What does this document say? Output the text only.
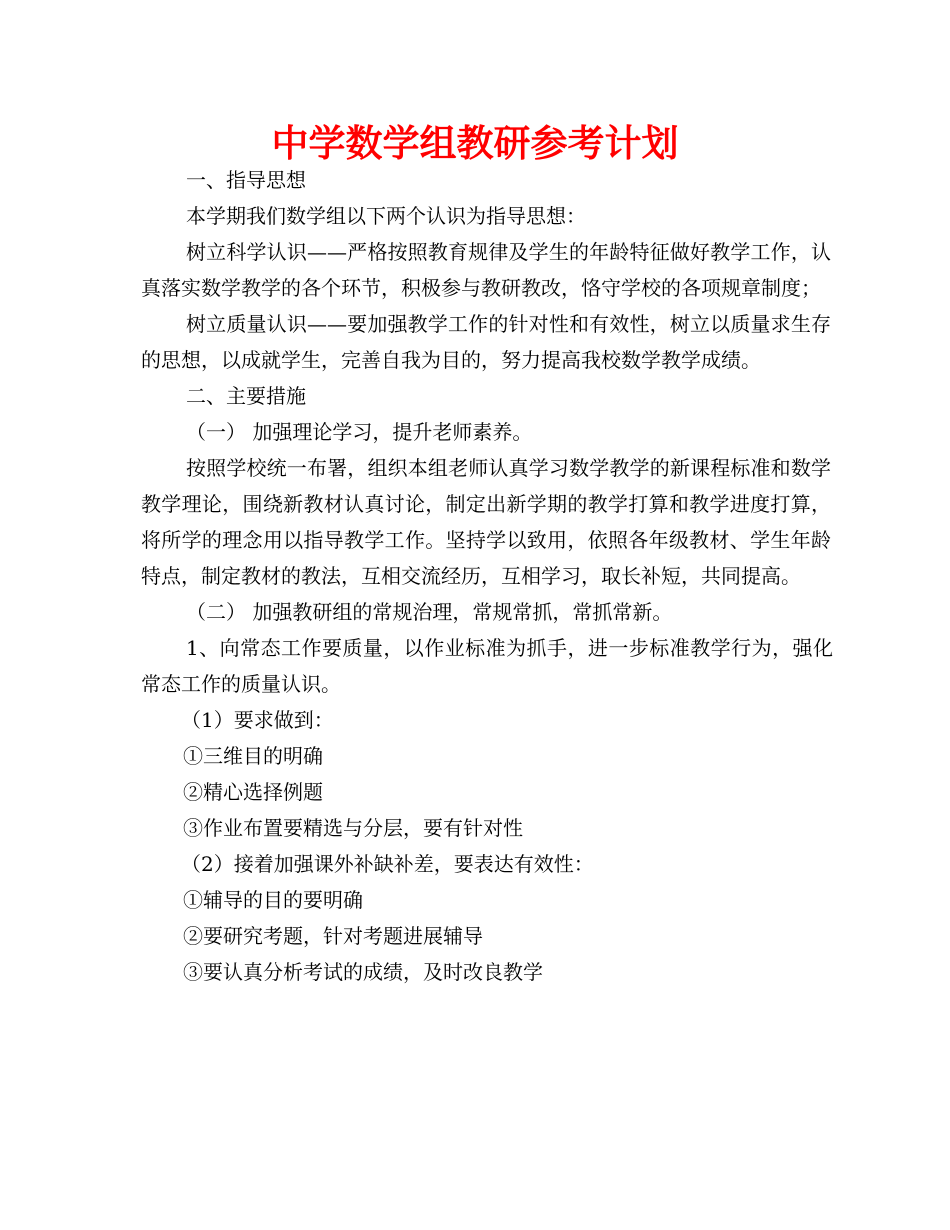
中学数学组教研参考计划

一、指导思想

本学期我们数学组以下两个认识为指导思想：

树立科学认识——严格按照教育规律及学生的年龄特征做好教学工作，认真落实数学教学的各个环节，积极参与教研教改，恪守学校的各项规章制度；

树立质量认识——要加强教学工作的针对性和有效性，树立以质量求生存的思想，以成就学生，完善自我为目的，努力提高我校数学教学成绩。

二、主要措施

（一） 加强理论学习，提升老师素养。

按照学校统一布署，组织本组老师认真学习数学教学的新课程标准和数学教学理论，围绕新教材认真讨论，制定出新学期的教学打算和教学进度打算，将所学的理念用以指导教学工作。坚持学以致用，依照各年级教材、学生年龄特点，制定教材的教法，互相交流经历，互相学习，取长补短，共同提高。

（二） 加强教研组的常规治理，常规常抓，常抓常新。

1、向常态工作要质量，以作业标准为抓手，进一步标准教学行为，强化常态工作的质量认识。

（1）要求做到：

①三维目的明确

②精心选择例题

③作业布置要精选与分层，要有针对性

（2）接着加强课外补缺补差，要表达有效性：

①辅导的目的要明确

②要研究考题，针对考题进展辅导

③要认真分析考试的成绩，及时改良教学
